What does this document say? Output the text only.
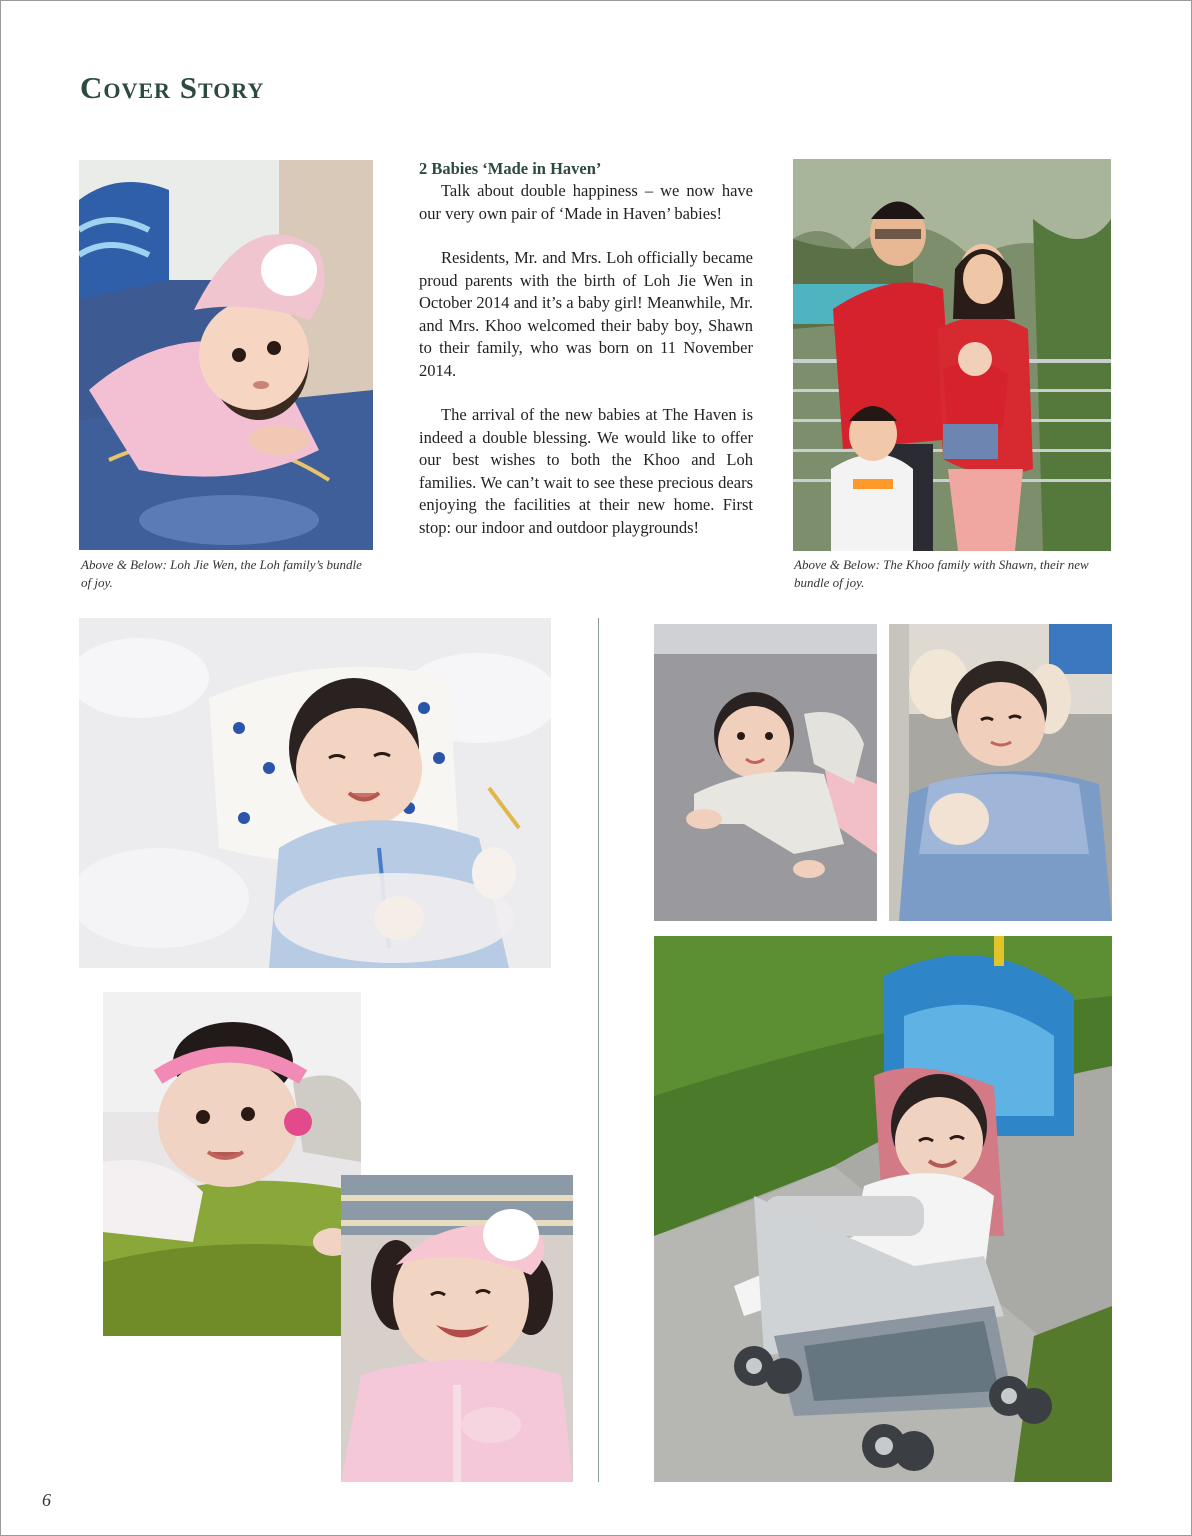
Cover Story

Above & Below: Loh Jie Wen, the Loh family’s bundle of joy.

2 Babies ‘Made in Haven’

Talk about double happiness – we now have our very own pair of ‘Made in Haven’ babies!

Residents, Mr. and Mrs. Loh officially became proud parents with the birth of Loh Jie Wen in October 2014 and it’s a baby girl! Meanwhile, Mr. and Mrs. Khoo welcomed their baby boy, Shawn to their family, who was born on 11 November 2014.

The arrival of the new babies at The Haven is indeed a double blessing. We would like to offer our best wishes to both the Khoo and Loh families. We can’t wait to see these precious dears enjoying the facilities at their new home. First stop: our indoor and outdoor playgrounds!

Above & Below: The Khoo family with Shawn, their new bundle of joy.

6
